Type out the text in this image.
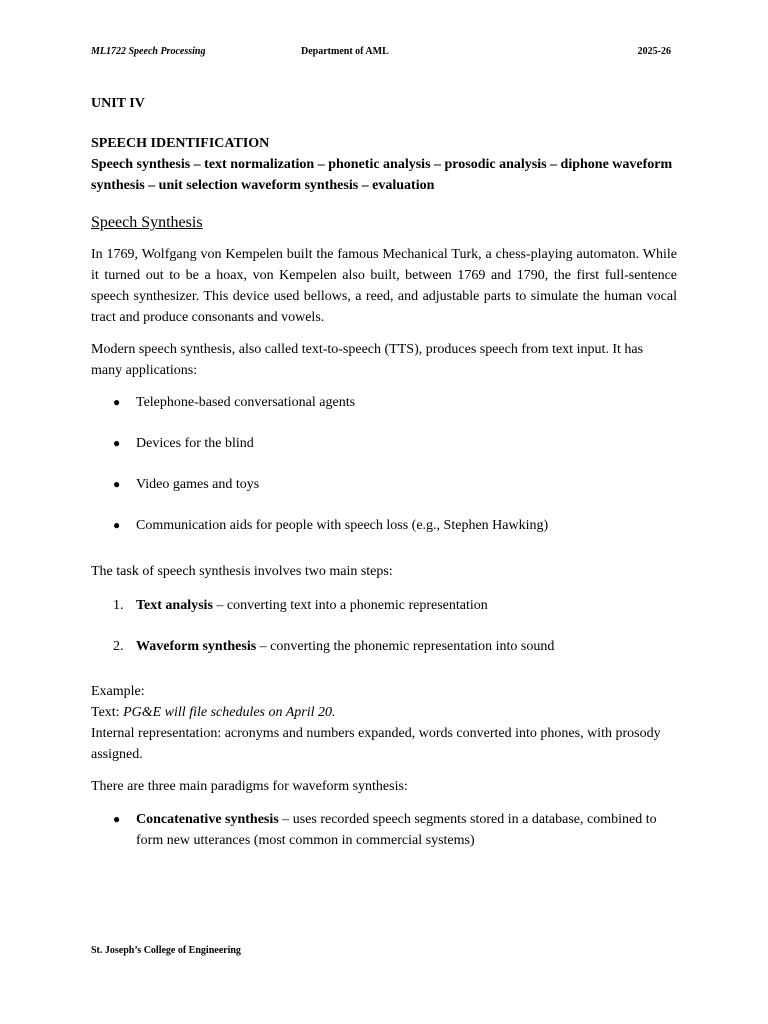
ML1722 Speech Processing	Department of AML	2025-26
UNIT IV
SPEECH IDENTIFICATION
Speech synthesis – text normalization – phonetic analysis – prosodic analysis – diphone waveform synthesis – unit selection waveform synthesis – evaluation
Speech Synthesis

In 1769, Wolfgang von Kempelen built the famous Mechanical Turk, a chess-playing automaton. While it turned out to be a hoax, von Kempelen also built, between 1769 and 1790, the first full-sentence speech synthesizer. This device used bellows, a reed, and adjustable parts to simulate the human vocal tract and produce consonants and vowels.

Modern speech synthesis, also called text-to-speech (TTS), produces speech from text input. It has many applications:

● Telephone-based conversational agents
● Devices for the blind
● Video games and toys
● Communication aids for people with speech loss (e.g., Stephen Hawking)

The task of speech synthesis involves two main steps:

1. Text analysis – converting text into a phonemic representation
2. Waveform synthesis – converting the phonemic representation into sound

Example:

Text: PG&E will file schedules on April 20.

Internal representation: acronyms and numbers expanded, words converted into phones, with prosody assigned.

There are three main paradigms for waveform synthesis:

● Concatenative synthesis – uses recorded speech segments stored in a database, combined to form new utterances (most common in commercial systems)
St. Joseph’s College of Engineering
